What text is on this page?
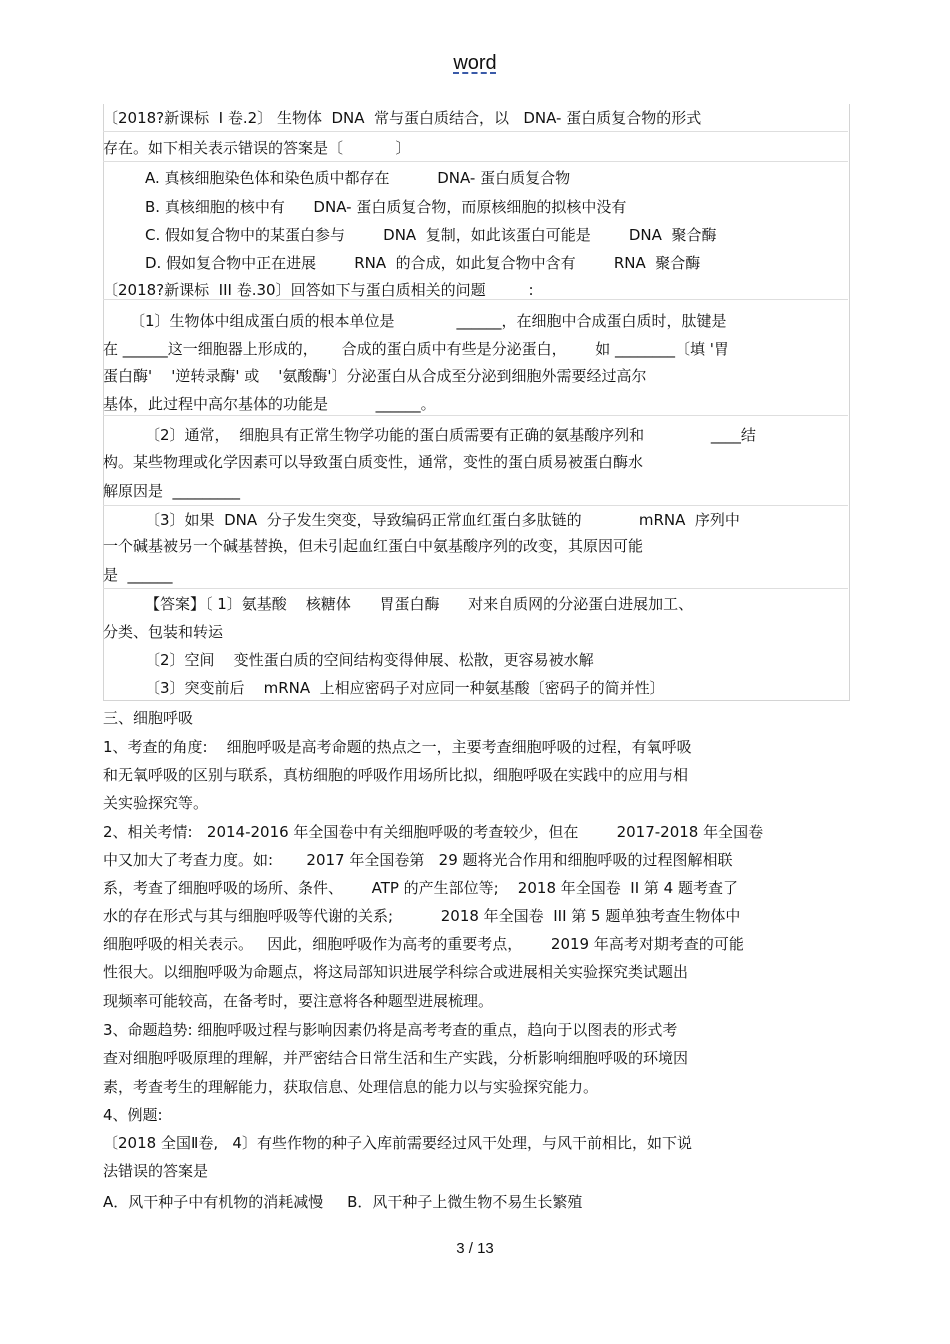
word
〔2018?新课标  I 卷.2〕 生物体  DNA  常与蛋白质结合，以   DNA- 蛋白质复合物的形式
存在。如下相关表示错误的答案是〔           〕
A. 真核细胞染色体和染色质中都存在          DNA- 蛋白质复合物
B. 真核细胞的核中有      DNA- 蛋白质复合物，而原核细胞的拟核中没有
C. 假如复合物中的某蛋白参与        DNA  复制，如此该蛋白可能是        DNA  聚合酶
D. 假如复合物中正在进展        RNA  的合成，如此复合物中含有        RNA  聚合酶
〔2018?新课标  III 卷.30〕回答如下与蛋白质相关的问题         :
〔1〕生物体中组成蛋白质的根本单位是             ______，在细胞中合成蛋白质时，肽键是
在 ______这一细胞器上形成的，     合成的蛋白质中有些是分泌蛋白，      如 ________〔填 '胃
蛋白酶'    '逆转录酶' 或    '氨酸酶'〕分泌蛋白从合成至分泌到细胞外需要经过高尔
基体，此过程中高尔基体的功能是          ______。
〔2〕通常，  细胞具有正常生物学功能的蛋白质需要有正确的氨基酸序列和              ____结
构。某些物理或化学因素可以导致蛋白质变性，通常，变性的蛋白质易被蛋白酶水
解原因是  _________
〔3〕如果  DNA  分子发生突变，导致编码正常血红蛋白多肽链的            mRNA  序列中
一个碱基被另一个碱基替换，但未引起血红蛋白中氨基酸序列的改变，其原因可能
是  ______
【答案】〔 1〕氨基酸    核糖体      胃蛋白酶      对来自质网的分泌蛋白进展加工、
分类、包装和转运
〔2〕空间    变性蛋白质的空间结构变得伸展、松散，更容易被水解
〔3〕突变前后    mRNA  上相应密码子对应同一种氨基酸〔密码子的简并性〕
三、细胞呼吸
1、考查的角度:    细胞呼吸是高考命题的热点之一，主要考查细胞呼吸的过程，有氧呼吸
和无氧呼吸的区别与联系，真枋细胞的呼吸作用场所比拟，细胞呼吸在实践中的应用与相
关实验探究等。
2、相关考情:   2014-2016 年全国卷中有关细胞呼吸的考查较少，但在        2017-2018 年全国卷
中又加大了考查力度。如:       2017 年全国卷第   29 题将光合作用和细胞呼吸的过程图解相联
系，考查了细胞呼吸的场所、条件、      ATP 的产生部位等;    2018 年全国卷  II 第 4 题考查了
水的存在形式与其与细胞呼吸等代谢的关系;          2018 年全国卷  III 第 5 题单独考查生物体中
细胞呼吸的相关表示。   因此，细胞呼吸作为高考的重要考点，      2019 年高考对期考查的可能
性很大。以细胞呼吸为命题点，将这局部知识进展学科综合或进展相关实验探究类试题出
现频率可能较高，在备考时，要注意将各种题型进展梳理。
3、命题趋势: 细胞呼吸过程与影响因素仍将是高考考查的重点，趋向于以图表的形式考
查对细胞呼吸原理的理解，并严密结合日常生活和生产实践，分析影响细胞呼吸的环境因
素，考查考生的理解能力，获取信息、处理信息的能力以与实验探究能力。
4、例题:
〔2018 全国Ⅱ卷,   4〕有些作物的种子入库前需要经过风干处理，与风干前相比，如下说
法错误的答案是
A．风干种子中有机物的消耗减慢     B．风干种子上微生物不易生长繁殖
3 / 13
